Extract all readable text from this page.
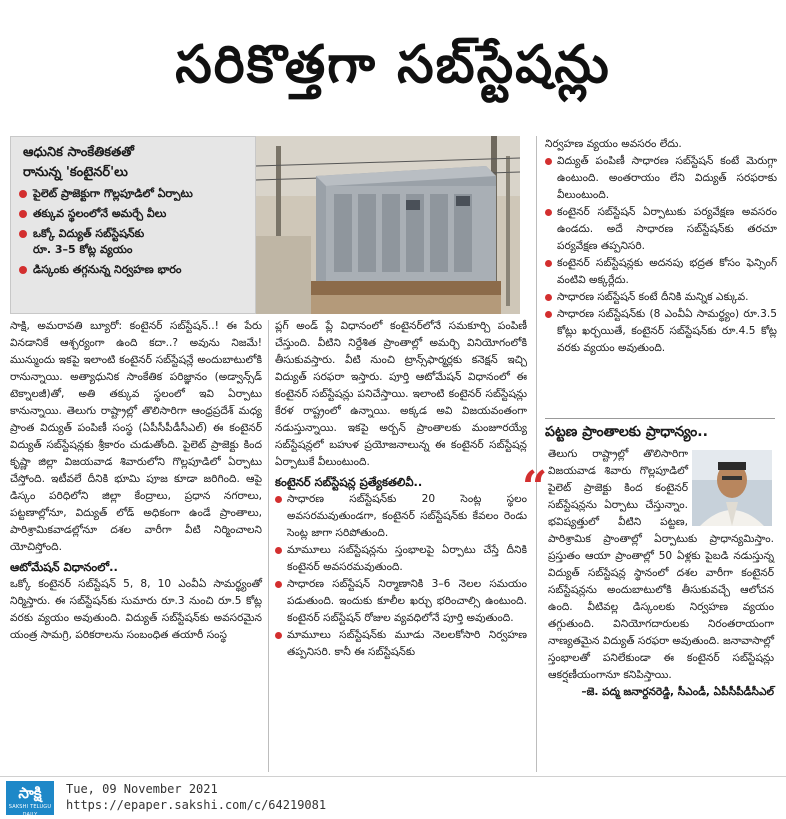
సరికొత్తగా సబ్‌స్టేషన్లు
ఆధునిక సాంకేతికతతో
రానున్న 'కంటైనర్'లు
పైలెట్ ప్రాజెక్టుగా గొల్లపూడిలో ఏర్పాటు
తక్కువ స్థలంలోనే అమర్చే వీలు
ఒక్కో విద్యుత్ సబ్‌స్టేషన్‌కు
రూ. 3–5 కోట్ల వ్యయం
డిస్కంకు తగ్గనున్న నిర్వహణ భారం

సాక్షి, అమరావతి బ్యూరో: కంటైనర్ సబ్‌స్టేషన్..! ఈ పేరు వినడానికే ఆశ్చర్యంగా ఉంది కదా..? అవును నిజమే! మున్ముందు ఇకపై ఇలాంటి కంటైనర్ సబ్‌స్టేషన్లే అందుబాటులోకి రానున్నాయి. అత్యాధునిక సాంకేతిక పరిజ్ఞానం (అడ్వాన్స్‌డ్ టెక్నాలజీ)తో, అతి తక్కువ స్థలంలో ఇవి ఏర్పాటు కానున్నాయి. తెలుగు రాష్ట్రాల్లో తొలిసారిగా ఆంధ్రప్రదేశ్ మధ్య ప్రాంత విద్యుత్ పంపిణీ సంస్థ (ఏపీసీపీడీసీఎల్) ఈ కంటైనర్ విద్యుత్ సబ్‌స్టేషన్లకు శ్రీకారం చుడుతోంది. పైలెట్ ప్రాజెక్టు కింద కృష్ణా జిల్లా విజయవాడ శివారులోని గొల్లపూడిలో ఏర్పాటు చేస్తోంది. ఇటీవలే దీనికి భూమి పూజ కూడా జరిగింది. ఆపై డిస్కం పరిధిలోని జిల్లా కేంద్రాలు, ప్రధాన నగరాలు, పట్టణాల్లోనూ, విద్యుత్ లోడ్ అధికంగా ఉండే ప్రాంతాలు, పారిశ్రామికవాడల్లోనూ దశల వారీగా వీటి నిర్మించాలని యోచిస్తోంది.

ఆటోమేషన్ విధానంలో..

ఒక్కో కంటైనర్ సబ్‌స్టేషన్ 5, 8, 10 ఎంవీఏ సామర్థ్యంతో నిర్మిస్తారు. ఈ సబ్‌స్టేషన్‌కు సుమారు రూ.3 నుంచి రూ.5 కోట్ల వరకు వ్యయం అవుతుంది. విద్యుత్ సబ్‌స్టేషన్‌కు అవసరమైన యంత్ర సామగ్రి, పరికరాలను సంబంధిత తయారీ సంస్థ

ప్లగ్ అండ్ ప్లే విధానంలో కంటైనర్‌లోనే సమకూర్చి పంపిణీ చేస్తుంది. వీటిని నిర్దేశిత ప్రాంతాల్లో అమర్చి వినియోగంలోకి తీసుకువస్తారు. వీటి నుంచి ట్రాన్స్‌ఫార్మర్లకు కనెక్షన్ ఇచ్చి విద్యుత్ సరఫరా ఇస్తారు. పూర్తి ఆటోమేషన్ విధానంలో ఈ కంటైనర్ సబ్‌స్టేషన్లు పనిచేస్తాయి. ఇలాంటి కంటైనర్ సబ్‌స్టేషన్లు కేరళ రాష్ట్రంలో ఉన్నాయి. అక్కడ అవి విజయవంతంగా నడుస్తున్నాయి. ఇకపై అర్బన్ ప్రాంతాలకు మంజూరయ్యే సబ్‌స్టేషన్లలో బహుళ ప్రయోజనాలున్న ఈ కంటైనర్ సబ్‌స్టేషన్ల ఏర్పాటుకే వీలుంటుంది.

కంటైనర్ సబ్‌స్టేషన్ల ప్రత్యేకతలివీ..

సాధారణ సబ్‌స్టేషన్‌కు 20 సెంట్ల స్థలం అవసరమవుతుండగా, కంటైనర్ సబ్‌స్టేషన్‌కు కేవలం రెండు సెంట్ల జాగా సరిపోతుంది.

మామూలు సబ్‌స్టేషన్లను స్తంభాలపై ఏర్పాటు చేస్తే దీనికి కంటైనర్ అవసరమవుతుంది.

సాధారణ సబ్‌స్టేషన్ నిర్మాణానికి 3–6 నెలల సమయం పడుతుంది. ఇందుకు కూలీల ఖర్చు భరించాల్సి ఉంటుంది. కంటైనర్ సబ్‌స్టేషన్ రోజుల వ్యవధిలోనే పూర్తి అవుతుంది.

మామూలు సబ్‌స్టేషన్‌కు మూడు నెలలకోసారి నిర్వహణ తప్పనిసరి. కానీ ఈ సబ్‌స్టేషన్‌కు

నిర్వహణ వ్యయం అవసరం లేదు.

విద్యుత్ పంపిణీ సాధారణ సబ్‌స్టేషన్ కంటే మెరుగ్గా ఉంటుంది. అంతరాయం లేని విద్యుత్ సరఫరాకు వీలుంటుంది.

కంటైనర్ సబ్‌స్టేషన్ ఏర్పాటుకు పర్యవేక్షణ అవసరం ఉండదు. అదే సాధారణ సబ్‌స్టేషన్‌కు తరచూ పర్యవేక్షణ తప్పనిసరి.

కంటైనర్ సబ్‌స్టేషన్లకు అదనపు భద్రత కోసం ఫెన్సింగ్ వంటివి అక్కర్లేదు.

సాధారణ సబ్‌స్టేషన్ కంటే దీనికి మన్నిక ఎక్కువ.

సాధారణ సబ్‌స్టేషన్‌కు (8 ఎంవీఏ సామర్థ్యం) రూ.3.5 కోట్లు ఖర్చయితే, కంటైనర్ సబ్‌స్టేషన్‌కు రూ.4.5 కోట్ల వరకు వ్యయం అవుతుంది.

పట్టణ ప్రాంతాలకు ప్రాధాన్యం..
“

తెలుగు రాష్ట్రాల్లో తొలిసారిగా విజయవాడ శివారు గొల్లపూడిలో పైలెట్ ప్రాజెక్టు కింద కంటైనర్ సబ్‌స్టేషన్లను ఏర్పాటు చేస్తున్నాం. భవిష్యత్తులో వీటిని పట్టణ, పారిశ్రామిక ప్రాంతాల్లో ఏర్పాటుకు ప్రాధాన్యమిస్తాం. ప్రస్తుతం ఆయా ప్రాంతాల్లో 50 ఏళ్లకు పైబడి నడుస్తున్న విద్యుత్ సబ్‌స్టేషన్ల స్థానంలో దశల వారీగా కంటైనర్ సబ్‌స్టేషన్లను అందుబాటులోకి తీసుకువచ్చే ఆలోచన ఉంది. వీటివల్ల డిస్కంలకు నిర్వహణ వ్యయం తగ్గుతుంది. వినియోగదారులకు నిరంతరాయంగా నాణ్యతమైన విద్యుత్ సరఫరా అవుతుంది. జనావాసాల్లో స్తంభాలతో పనిలేకుండా ఈ కంటైనర్ సబ్‌స్టేషన్లు ఆకర్షణీయంగానూ కనిపిస్తాయి.

–జె. పద్మ జనార్దనరెడ్డి, సీఎండీ, ఏపీసీపీడీసీఎల్

సాక్షి
SAKSHI TELUGU DAILY
Tue, 09 November 2021
https://epaper.sakshi.com/c/64219081
